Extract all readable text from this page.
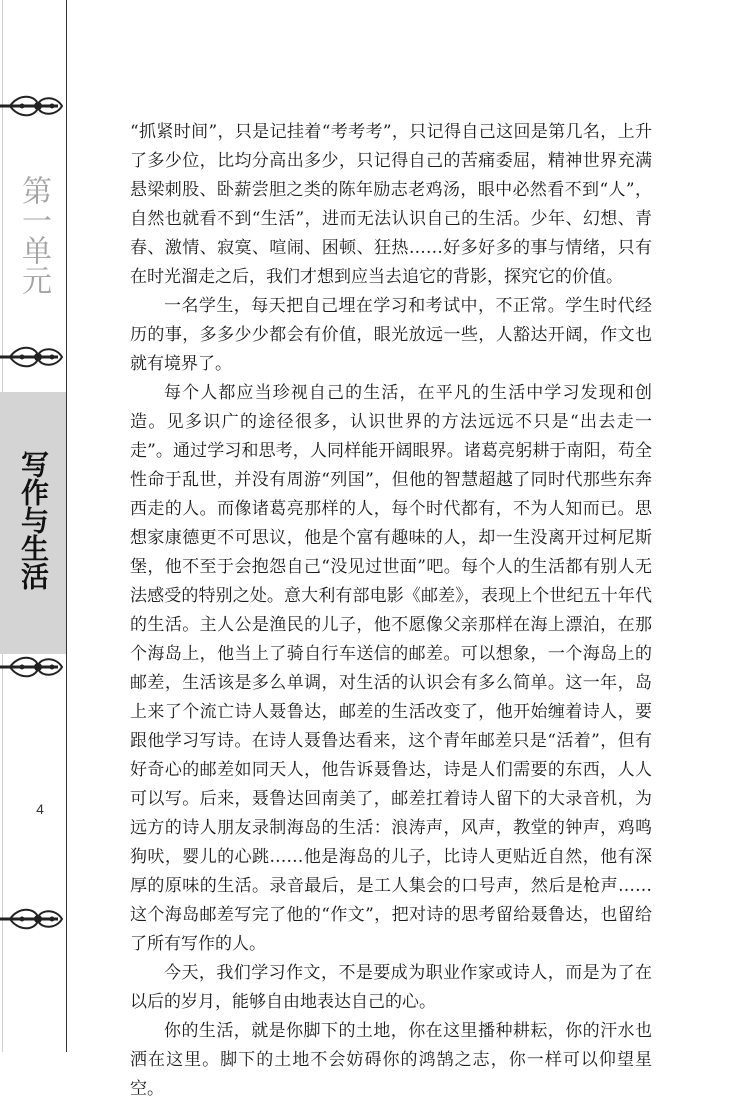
第一单元
写作与生活
4

“抓紧时间”，只是记挂着“考考考”，只记得自己这回是第几名，上升了多少位，比均分高出多少，只记得自己的苦痛委屈，精神世界充满悬梁刺股、卧薪尝胆之类的陈年励志老鸡汤，眼中必然看不到“人”，自然也就看不到“生活”，进而无法认识自己的生活。少年、幻想、青春、激情、寂寞、喧闹、困顿、狂热……好多好多的事与情绪，只有在时光溜走之后，我们才想到应当去追它的背影，探究它的价值。

一名学生，每天把自己埋在学习和考试中，不正常。学生时代经历的事，多多少少都会有价值，眼光放远一些，人豁达开阔，作文也就有境界了。

每个人都应当珍视自己的生活，在平凡的生活中学习发现和创造。见多识广的途径很多，认识世界的方法远远不只是“出去走一走”。通过学习和思考，人同样能开阔眼界。诸葛亮躬耕于南阳，苟全性命于乱世，并没有周游“列国”，但他的智慧超越了同时代那些东奔西走的人。而像诸葛亮那样的人，每个时代都有，不为人知而已。思想家康德更不可思议，他是个富有趣味的人，却一生没离开过柯尼斯堡，他不至于会抱怨自己“没见过世面”吧。每个人的生活都有别人无法感受的特别之处。意大利有部电影《邮差》，表现上个世纪五十年代的生活。主人公是渔民的儿子，他不愿像父亲那样在海上漂泊，在那个海岛上，他当上了骑自行车送信的邮差。可以想象，一个海岛上的邮差，生活该是多么单调，对生活的认识会有多么简单。这一年，岛上来了个流亡诗人聂鲁达，邮差的生活改变了，他开始缠着诗人，要跟他学习写诗。在诗人聂鲁达看来，这个青年邮差只是“活着”，但有好奇心的邮差如同天人，他告诉聂鲁达，诗是人们需要的东西，人人可以写。后来，聂鲁达回南美了，邮差扛着诗人留下的大录音机，为远方的诗人朋友录制海岛的生活：浪涛声，风声，教堂的钟声，鸡鸣狗吠，婴儿的心跳……他是海岛的儿子，比诗人更贴近自然，他有深厚的原味的生活。录音最后，是工人集会的口号声，然后是枪声……这个海岛邮差写完了他的“作文”，把对诗的思考留给聂鲁达，也留给了所有写作的人。

今天，我们学习作文，不是要成为职业作家或诗人，而是为了在以后的岁月，能够自由地表达自己的心。

你的生活，就是你脚下的土地，你在这里播种耕耘，你的汗水也洒在这里。脚下的土地不会妨碍你的鸿鹄之志，你一样可以仰望星空。
